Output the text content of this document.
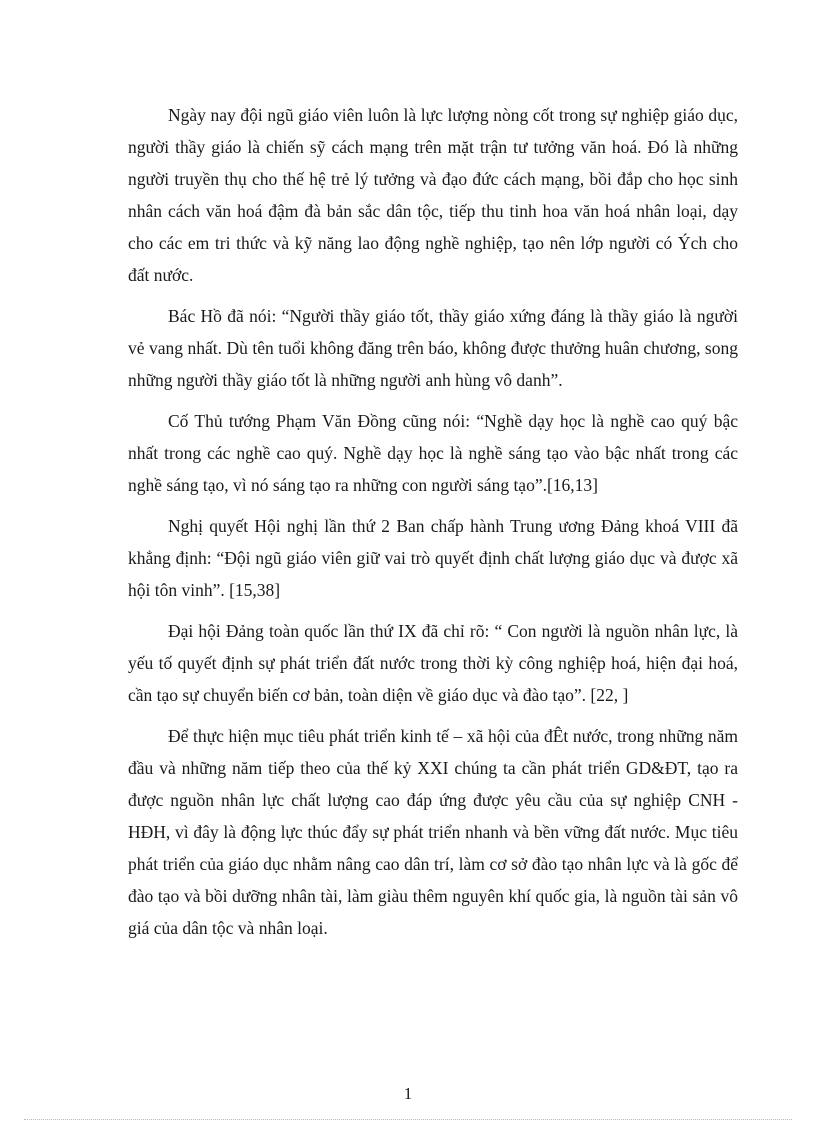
Ngày nay đội ngũ giáo viên luôn là lực lượng nòng cốt trong sự nghiệp giáo dục, người thầy giáo là chiến sỹ cách mạng trên mặt trận tư tưởng văn hoá. Đó là những người truyền thụ cho thế hệ trẻ lý tưởng và đạo đức cách mạng, bồi đắp cho học sinh nhân cách văn hoá đậm đà bản sắc dân tộc, tiếp thu tinh hoa văn hoá nhân loại, dạy cho các em tri thức và kỹ năng lao động nghề nghiệp, tạo nên lớp người có Ých cho đất nước.

Bác Hồ đã nói: “Người thầy giáo tốt, thầy giáo xứng đáng là thầy giáo là người vẻ vang nhất. Dù tên tuổi không đăng trên báo, không được thưởng huân chương, song những người thầy giáo tốt là những người anh hùng vô danh”.

Cố Thủ tướng Phạm Văn Đồng cũng nói: “Nghề dạy học là nghề cao quý bậc nhất trong các nghề cao quý. Nghề dạy học là nghề sáng tạo vào bậc nhất trong các nghề sáng tạo, vì nó sáng tạo ra những con người sáng tạo”.[16,13]

Nghị quyết Hội nghị lần thứ 2 Ban chấp hành Trung ương Đảng khoá VIII đã khẳng định: “Đội ngũ giáo viên giữ vai trò quyết định chất lượng giáo dục và được xã hội tôn vinh”. [15,38]

Đại hội Đảng toàn quốc lần thứ IX đã chỉ rõ: “ Con người là nguồn nhân lực, là yếu tố quyết định sự phát triển đất nước trong thời kỳ công nghiệp hoá, hiện đại hoá, cần tạo sự chuyển biến cơ bản, toàn diện về giáo dục và đào tạo”. [22, ]

Để thực hiện mục tiêu phát triển kinh tế – xã hội của đÊt nước, trong những năm đầu và những năm tiếp theo của thế kỷ XXI chúng ta cần phát triển GD&ĐT, tạo ra được nguồn nhân lực chất lượng cao đáp ứng được yêu cầu của sự nghiệp CNH - HĐH, vì đây là động lực thúc đẩy sự phát triển nhanh và bền vững đất nước. Mục tiêu phát triển của giáo dục nhằm nâng cao dân trí, làm cơ sở đào tạo nhân lực và là gốc để đào tạo và bồi dưỡng nhân tài, làm giàu thêm nguyên khí quốc gia, là nguồn tài sản vô giá của dân tộc và nhân loại.

1
